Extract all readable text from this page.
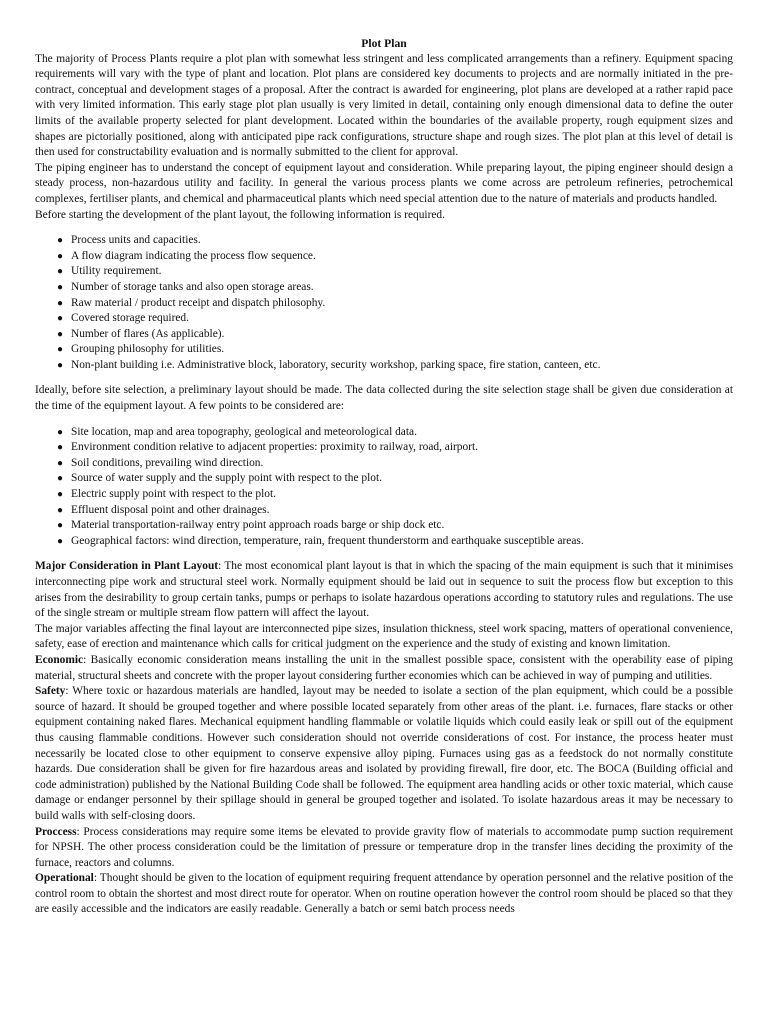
Plot Plan

The majority of Process Plants require a plot plan with somewhat less stringent and less complicated arrangements than a refinery. Equipment spacing requirements will vary with the type of plant and location. Plot plans are considered key documents to projects and are normally initiated in the pre-contract, conceptual and development stages of a proposal. After the contract is awarded for engineering, plot plans are developed at a rather rapid pace with very limited information. This early stage plot plan usually is very limited in detail, containing only enough dimensional data to define the outer limits of the available property selected for plant development. Located within the boundaries of the available property, rough equipment sizes and shapes are pictorially positioned, along with anticipated pipe rack configurations, structure shape and rough sizes. The plot plan at this level of detail is then used for constructability evaluation and is normally submitted to the client for approval.

The piping engineer has to understand the concept of equipment layout and consideration. While preparing layout, the piping engineer should design a steady process, non-hazardous utility and facility. In general the various process plants we come across are petroleum refineries, petrochemical complexes, fertiliser plants, and chemical and pharmaceutical plants which need special attention due to the nature of materials and products handled.

Before starting the development of the plant layout, the following information is required.

● Process units and capacities.
● A flow diagram indicating the process flow sequence.
● Utility requirement.
● Number of storage tanks and also open storage areas.
● Raw material / product receipt and dispatch philosophy.
● Covered storage required.
● Number of flares (As applicable).
● Grouping philosophy for utilities.
● Non-plant building i.e. Administrative block, laboratory, security workshop, parking space, fire station, canteen, etc.

Ideally, before site selection, a preliminary layout should be made. The data collected during the site selection stage shall be given due consideration at the time of the equipment layout. A few points to be considered are:

● Site location, map and area topography, geological and meteorological data.
● Environment condition relative to adjacent properties: proximity to railway, road, airport.
● Soil conditions, prevailing wind direction.
● Source of water supply and the supply point with respect to the plot.
● Electric supply point with respect to the plot.
● Effluent disposal point and other drainages.
● Material transportation-railway entry point approach roads barge or ship dock etc.
● Geographical factors: wind direction, temperature, rain, frequent thunderstorm and earthquake susceptible areas.

Major Consideration in Plant Layout: The most economical plant layout is that in which the spacing of the main equipment is such that it minimises interconnecting pipe work and structural steel work. Normally equipment should be laid out in sequence to suit the process flow but exception to this arises from the desirability to group certain tanks, pumps or perhaps to isolate hazardous operations according to statutory rules and regulations. The use of the single stream or multiple stream flow pattern will affect the layout.

The major variables affecting the final layout are interconnected pipe sizes, insulation thickness, steel work spacing, matters of operational convenience, safety, ease of erection and maintenance which calls for critical judgment on the experience and the study of existing and known limitation.

Economic: Basically economic consideration means installing the unit in the smallest possible space, consistent with the operability ease of piping material, structural sheets and concrete with the proper layout considering further economies which can be achieved in way of pumping and utilities.

Safety: Where toxic or hazardous materials are handled, layout may be needed to isolate a section of the plan equipment, which could be a possible source of hazard. It should be grouped together and where possible located separately from other areas of the plant. i.e. furnaces, flare stacks or other equipment containing naked flares. Mechanical equipment handling flammable or volatile liquids which could easily leak or spill out of the equipment thus causing flammable conditions. However such consideration should not override considerations of cost. For instance, the process heater must necessarily be located close to other equipment to conserve expensive alloy piping. Furnaces using gas as a feedstock do not normally constitute hazards. Due consideration shall be given for fire hazardous areas and isolated by providing firewall, fire door, etc. The BOCA (Building official and code administration) published by the National Building Code shall be followed. The equipment area handling acids or other toxic material, which cause damage or endanger personnel by their spillage should in general be grouped together and isolated. To isolate hazardous areas it may be necessary to build walls with self-closing doors.

Proccess: Process considerations may require some items be elevated to provide gravity flow of materials to accommodate pump suction requirement for NPSH. The other process consideration could be the limitation of pressure or temperature drop in the transfer lines deciding the proximity of the furnace, reactors and columns.

Operational: Thought should be given to the location of equipment requiring frequent attendance by operation personnel and the relative position of the control room to obtain the shortest and most direct route for operator. When on routine operation however the control room should be placed so that they are easily accessible and the indicators are easily readable. Generally a batch or semi batch process needs
